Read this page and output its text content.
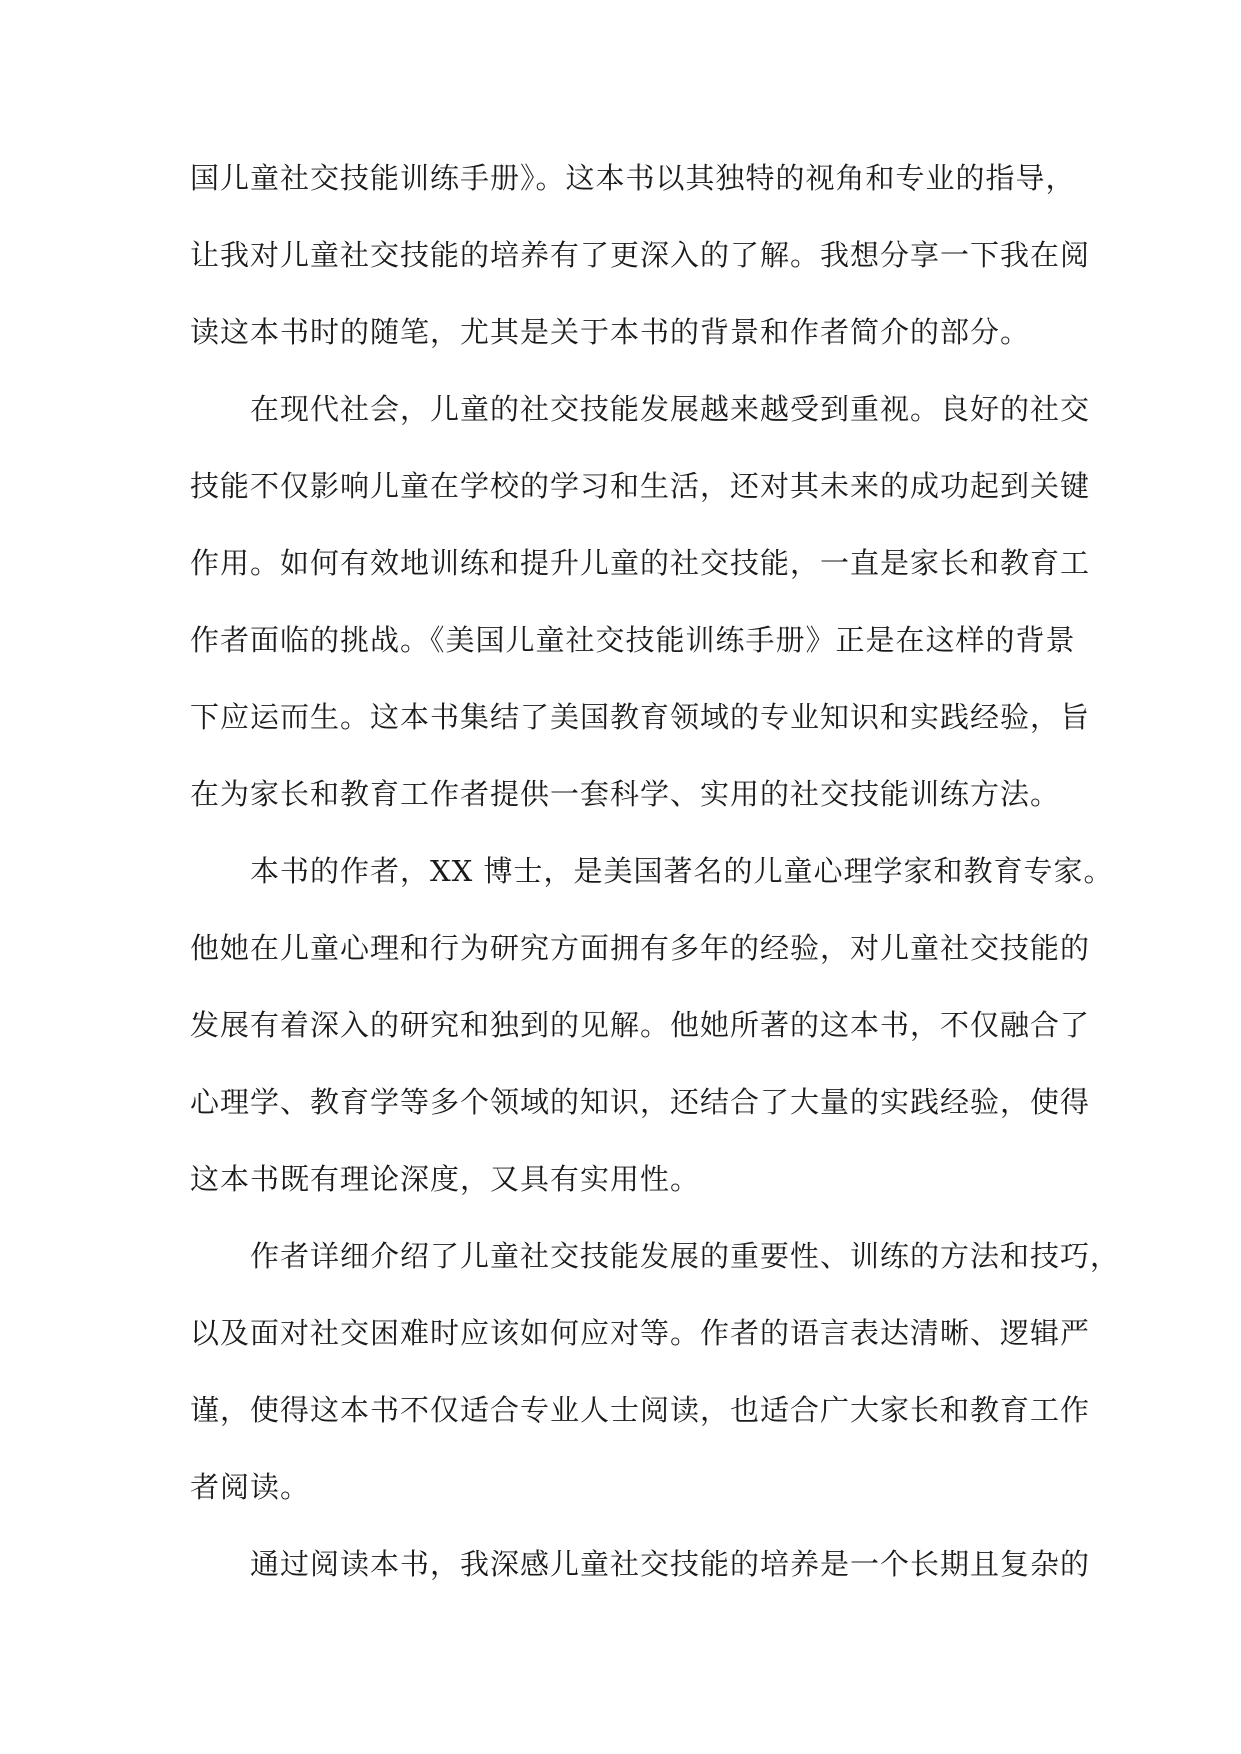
国儿童社交技能训练手册》。这本书以其独特的视角和专业的指导，
让我对儿童社交技能的培养有了更深入的了解。我想分享一下我在阅
读这本书时的随笔，尤其是关于本书的背景和作者简介的部分。
　　在现代社会，儿童的社交技能发展越来越受到重视。良好的社交
技能不仅影响儿童在学校的学习和生活，还对其未来的成功起到关键
作用。如何有效地训练和提升儿童的社交技能，一直是家长和教育工
作者面临的挑战。《美国儿童社交技能训练手册》正是在这样的背景
下应运而生。这本书集结了美国教育领域的专业知识和实践经验，旨
在为家长和教育工作者提供一套科学、实用的社交技能训练方法。
　　本书的作者，XX 博士，是美国著名的儿童心理学家和教育专家。
他她在儿童心理和行为研究方面拥有多年的经验，对儿童社交技能的
发展有着深入的研究和独到的见解。他她所著的这本书，不仅融合了
心理学、教育学等多个领域的知识，还结合了大量的实践经验，使得
这本书既有理论深度，又具有实用性。
　　作者详细介绍了儿童社交技能发展的重要性、训练的方法和技巧，
以及面对社交困难时应该如何应对等。作者的语言表达清晰、逻辑严
谨，使得这本书不仅适合专业人士阅读，也适合广大家长和教育工作
者阅读。
　　通过阅读本书，我深感儿童社交技能的培养是一个长期且复杂的
